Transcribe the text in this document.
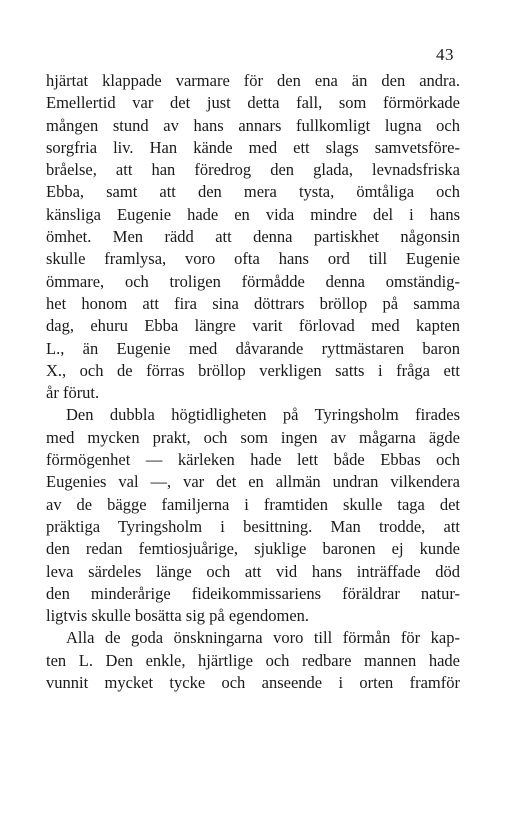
43
hjärtat klappade varmare för den ena än den andra.
Emellertid var det just detta fall, som förmörkade
mången stund av hans annars fullkomligt lugna och
sorgfria liv. Han kände med ett slags samvetsföre-
bråelse, att han föredrog den glada, levnadsfriska
Ebba, samt att den mera tysta, ömtåliga och
känsliga Eugenie hade en vida mindre del i hans
ömhet. Men rädd att denna partiskhet någonsin
skulle framlysa, voro ofta hans ord till Eugenie
ömmare, och troligen förmådde denna omständig-
het honom att fira sina döttrars bröllop på samma
dag, ehuru Ebba längre varit förlovad med kapten
L., än Eugenie med dåvarande ryttmästaren baron
X., och de förras bröllop verkligen satts i fråga ett
år förut.
Den dubbla högtidligheten på Tyringsholm firades
med mycken prakt, och som ingen av mågarna ägde
förmögenhet — kärleken hade lett både Ebbas och
Eugenies val —, var det en allmän undran vilkendera
av de bägge familjerna i framtiden skulle taga det
präktiga Tyringsholm i besittning. Man trodde, att
den redan femtiosjuårige, sjuklige baronen ej kunde
leva särdeles länge och att vid hans inträffade död
den minderårige fideikommissariens föräldrar natur-
ligtvis skulle bosätta sig på egendomen.
Alla de goda önskningarna voro till förmån för kap-
ten L. Den enkle, hjärtlige och redbare mannen hade
vunnit mycket tycke och anseende i orten framför
